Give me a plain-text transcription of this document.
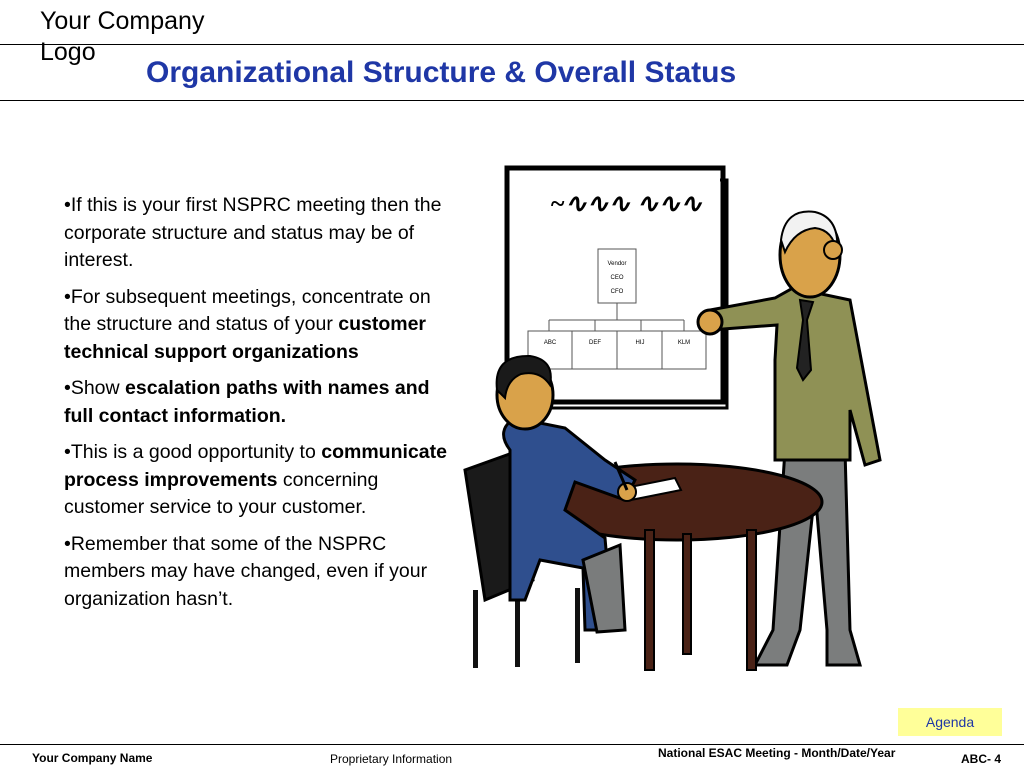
Your Company Logo
Organizational Structure & Overall Status

•If this is your first NSPRC meeting then the corporate structure and status may be of interest.

•For subsequent meetings, concentrate on the structure and status of your customer technical support organizations

•Show escalation paths with names and full contact information.

•This is a good opportunity to communicate process improvements concerning customer service to your customer.

•Remember that some of the NSPRC members may have changed, even if your organization hasn’t.

~∿∿∿ ∿∿∿
Vendor
CEO
CFO
ABC	DEF	HIJ	KLM
Agenda
Your Company Name	Proprietary Information	National ESAC Meeting - Month/Date/Year	ABC- 4
